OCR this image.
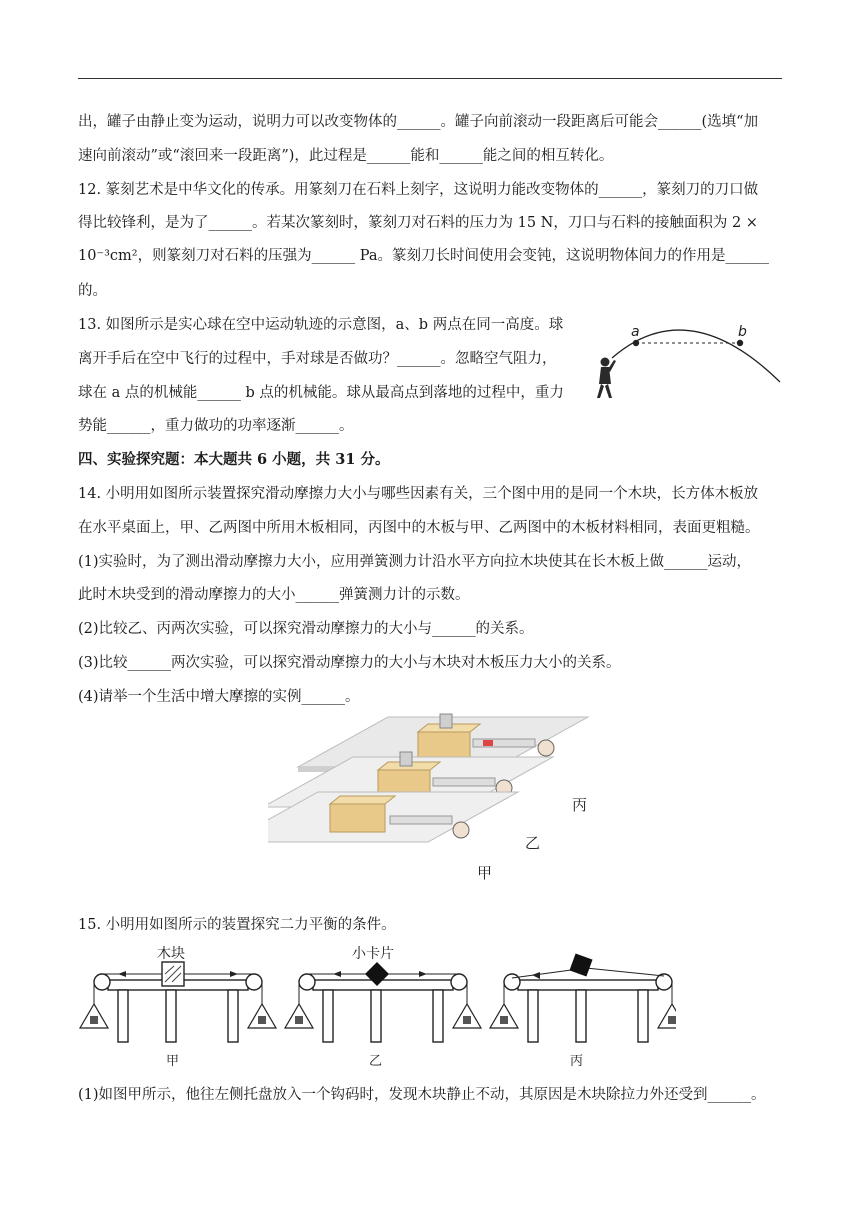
出，罐子由静止变为运动，说明力可以改变物体的______。罐子向前滚动一段距离后可能会______(选填“加
速向前滚动”或“滚回来一段距离”)，此过程是______能和______能之间的相互转化。
12. 篆刻艺术是中华文化的传承。用篆刻刀在石料上刻字，这说明力能改变物体的______，篆刻刀的刀口做
得比较锋利，是为了______。若某次篆刻时，篆刻刀对石料的压力为 15 N，刀口与石料的接触面积为 2 ×
10⁻³cm²，则篆刻刀对石料的压强为______ Pa。篆刻刀长时间使用会变钝，这说明物体间力的作用是______
的。
13. 如图所示是实心球在空中运动轨迹的示意图，a、b 两点在同一高度。球
离开手后在空中飞行的过程中，手对球是否做功？______。忽略空气阻力，
球在 a 点的机械能______ b 点的机械能。球从最高点到落地的过程中，重力
势能______，重力做功的功率逐渐______。
四、实验探究题：本大题共 6 小题，共 31 分。
14. 小明用如图所示装置探究滑动摩擦力大小与哪些因素有关，三个图中用的是同一个木块，长方体木板放
在水平桌面上，甲、乙两图中所用木板相同，丙图中的木板与甲、乙两图中的木板材料相同，表面更粗糙。
(1)实验时，为了测出滑动摩擦力大小，应用弹簧测力计沿水平方向拉木块使其在长木板上做______运动，
此时木块受到的滑动摩擦力的大小______弹簧测力计的示数。
(2)比较乙、丙两次实验，可以探究滑动摩擦力的大小与______的关系。
(3)比较______两次实验，可以探究滑动摩擦力的大小与木块对木板压力大小的关系。
(4)请举一个生活中增大摩擦的实例______。
15. 小明用如图所示的装置探究二力平衡的条件。
(1)如图甲所示，他往左侧托盘放入一个钩码时，发现木块静止不动，其原因是木块除拉力外还受到______。
a	b
丙
乙
甲
木块	小卡片
甲	乙	丙
